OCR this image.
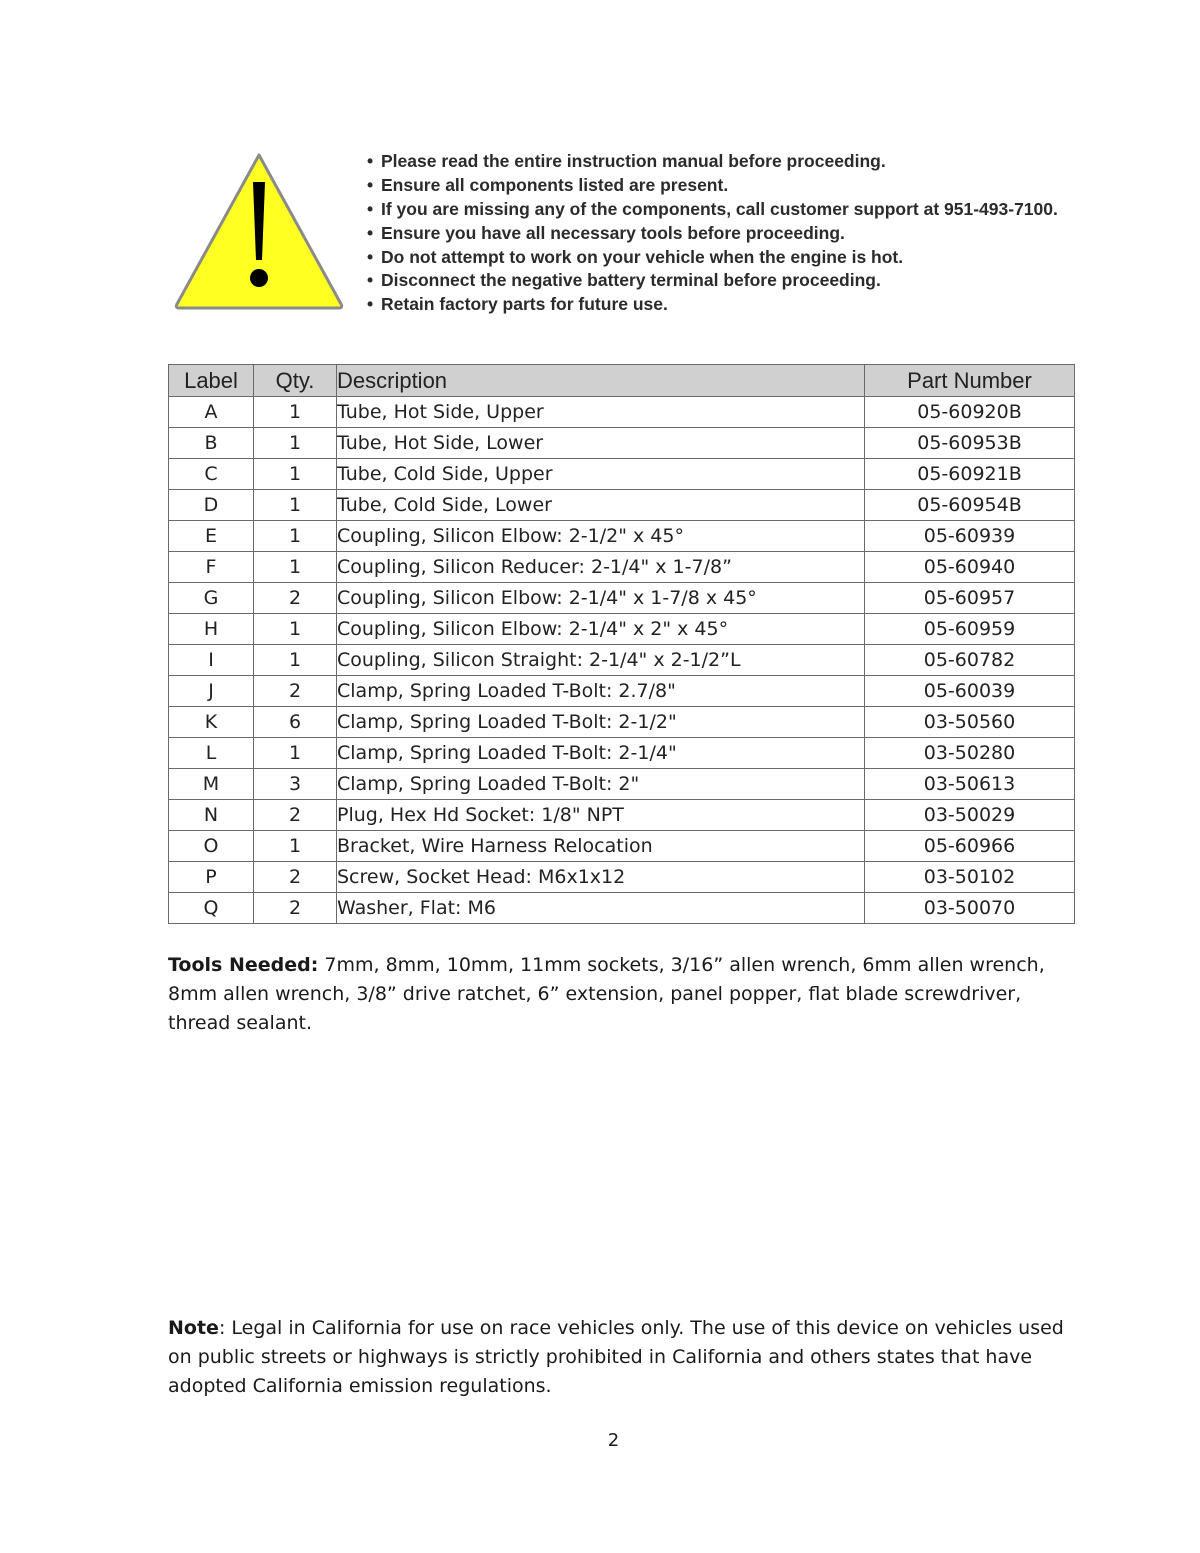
• Please read the entire instruction manual before proceeding.
• Ensure all components listed are present.
• If you are missing any of the components, call customer support at 951-493-7100.
• Ensure you have all necessary tools before proceeding.
• Do not attempt to work on your vehicle when the engine is hot.
• Disconnect the negative battery terminal before proceeding.
• Retain factory parts for future use.
Label	Qty.	Description	Part Number
A	1	Tube, Hot Side, Upper	05-60920B
B	1	Tube, Hot Side, Lower	05-60953B
C	1	Tube, Cold Side, Upper	05-60921B
D	1	Tube, Cold Side, Lower	05-60954B
E	1	Coupling, Silicon Elbow: 2-1/2" x 45°	05-60939
F	1	Coupling, Silicon Reducer: 2-1/4" x 1-7/8”	05-60940
G	2	Coupling, Silicon Elbow: 2-1/4" x 1-7/8 x 45°	05-60957
H	1	Coupling, Silicon Elbow: 2-1/4" x 2" x 45°	05-60959
I	1	Coupling, Silicon Straight: 2-1/4" x 2-1/2”L	05-60782
J	2	Clamp, Spring Loaded T-Bolt: 2.7/8"	05-60039
K	6	Clamp, Spring Loaded T-Bolt: 2-1/2"	03-50560
L	1	Clamp, Spring Loaded T-Bolt: 2-1/4"	03-50280
M	3	Clamp, Spring Loaded T-Bolt: 2"	03-50613
N	2	Plug, Hex Hd Socket: 1/8" NPT	03-50029
O	1	Bracket, Wire Harness Relocation	05-60966
P	2	Screw, Socket Head: M6x1x12	03-50102
Q	2	Washer, Flat: M6	03-50070
Tools Needed: 7mm, 8mm, 10mm, 11mm sockets, 3/16” allen wrench, 6mm allen wrench, 8mm allen wrench, 3/8” drive ratchet, 6” extension, panel popper, flat blade screwdriver, thread sealant.
Note: Legal in California for use on race vehicles only. The use of this device on vehicles used on public streets or highways is strictly prohibited in California and others states that have adopted California emission regulations.
2
